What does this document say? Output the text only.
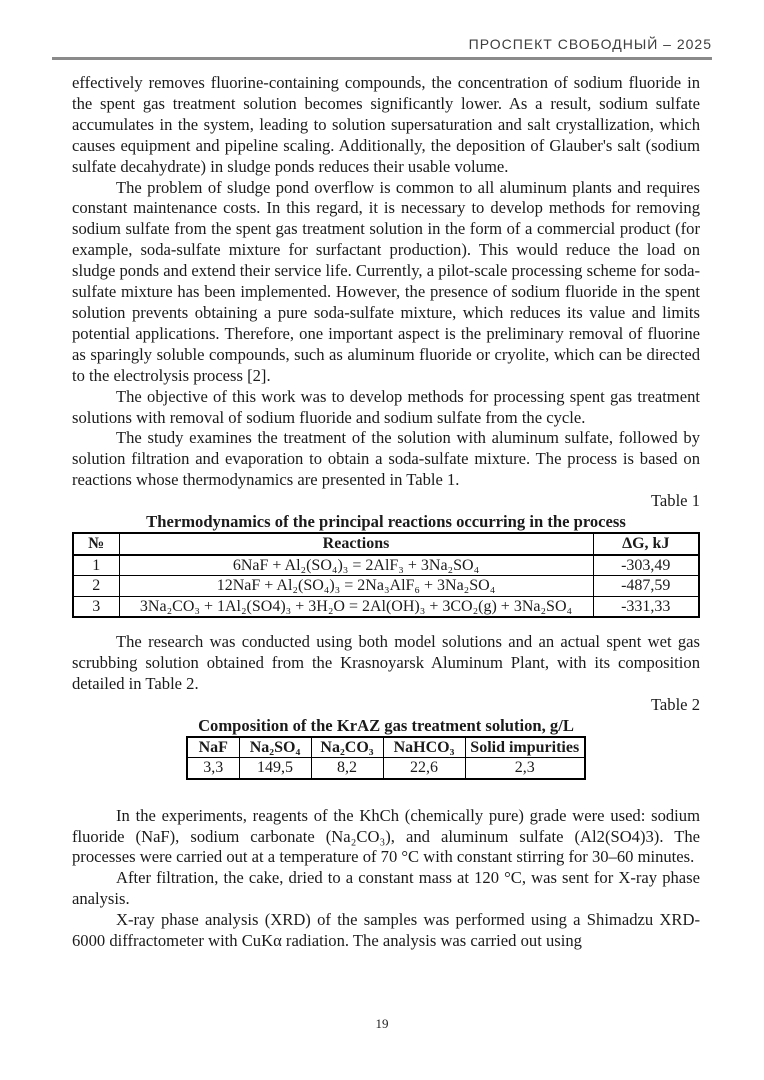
ПРОСПЕКТ СВОБОДНЫЙ – 2025

effectively removes fluorine-containing compounds, the concentration of sodium fluoride in the spent gas treatment solution becomes significantly lower. As a result, sodium sulfate accumulates in the system, leading to solution supersaturation and salt crystallization, which causes equipment and pipeline scaling. Additionally, the deposition of Glauber's salt (sodium sulfate decahydrate) in sludge ponds reduces their usable volume.

The problem of sludge pond overflow is common to all aluminum plants and requires constant maintenance costs. In this regard, it is necessary to develop methods for removing sodium sulfate from the spent gas treatment solution in the form of a commercial product (for example, soda-sulfate mixture for surfactant production). This would reduce the load on sludge ponds and extend their service life. Currently, a pilot-scale processing scheme for soda-sulfate mixture has been implemented. However, the presence of sodium fluoride in the spent solution prevents obtaining a pure soda-sulfate mixture, which reduces its value and limits potential applications. Therefore, one important aspect is the preliminary removal of fluorine as sparingly soluble compounds, such as aluminum fluoride or cryolite, which can be directed to the electrolysis process [2].

The objective of this work was to develop methods for processing spent gas treatment solutions with removal of sodium fluoride and sodium sulfate from the cycle.

The study examines the treatment of the solution with aluminum sulfate, followed by solution filtration and evaporation to obtain a soda-sulfate mixture. The process is based on reactions whose thermodynamics are presented in Table 1.

Table 1
Thermodynamics of the principal reactions occurring in the process
№	Reactions	ΔG, kJ
1	6NaF + Al₂(SO₄)₃ = 2AlF₃ + 3Na₂SO₄	-303,49
2	12NaF + Al₂(SO₄)₃ = 2Na₃AlF₆ + 3Na₂SO₄	-487,59
3	3Na₂CO₃ + 1Al₂(SO4)₃ + 3H₂O = 2Al(OH)₃ + 3CO₂(g) + 3Na₂SO₄	-331,33

The research was conducted using both model solutions and an actual spent wet gas scrubbing solution obtained from the Krasnoyarsk Aluminum Plant, with its composition detailed in Table 2.

Table 2
Composition of the KrAZ gas treatment solution, g/L
NaF	Na₂SO₄	Na₂CO₃	NaHCO₃	Solid impurities
3,3	149,5	8,2	22,6	2,3

In the experiments, reagents of the KhCh (chemically pure) grade were used: sodium fluoride (NaF), sodium carbonate (Na₂CO₃), and aluminum sulfate (Al2(SO4)3). The processes were carried out at a temperature of 70 °C with constant stirring for 30–60 minutes.

After filtration, the cake, dried to a constant mass at 120 °C, was sent for X-ray phase analysis.

X-ray phase analysis (XRD) of the samples was performed using a Shimadzu XRD-6000 diffractometer with CuKα radiation. The analysis was carried out using

19
